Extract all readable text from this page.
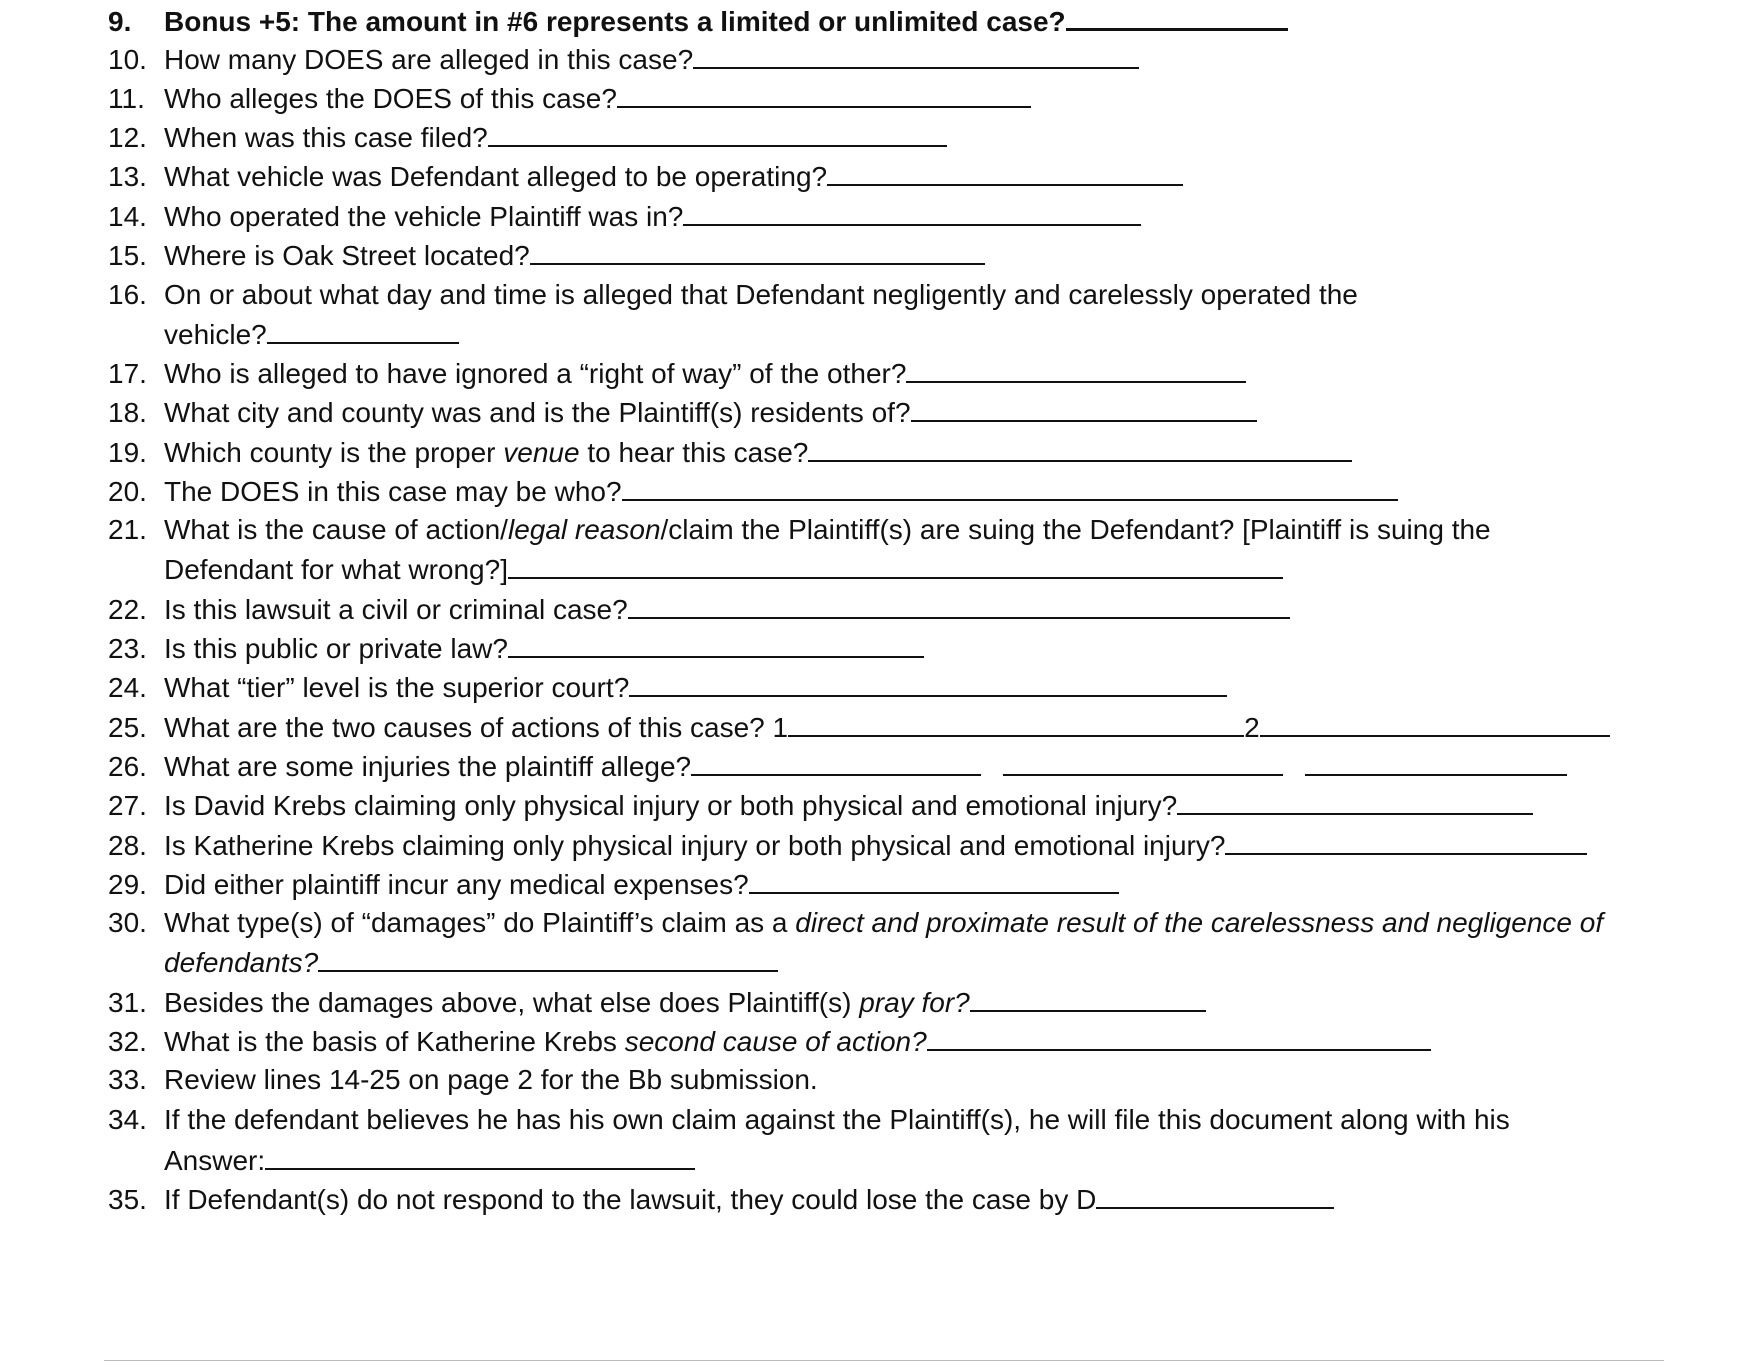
9. Bonus +5: The amount in #6 represents a limited or unlimited case?
10. How many DOES are alleged in this case?
11. Who alleges the DOES of this case?
12. When was this case filed?
13. What vehicle was Defendant alleged to be operating?
14. Who operated the vehicle Plaintiff was in?
15. Where is Oak Street located?
16. On or about what day and time is alleged that Defendant negligently and carelessly operated the
vehicle?
17. Who is alleged to have ignored a “right of way” of the other?
18. What city and county was and is the Plaintiff(s) residents of?
19. Which county is the proper venue to hear this case?
20. The DOES in this case may be who?
21. What is the cause of action/legal reason/claim the Plaintiff(s) are suing the Defendant? [Plaintiff is suing the
Defendant for what wrong?]
22. Is this lawsuit a civil or criminal case?
23. Is this public or private law?
24. What “tier” level is the superior court?
25. What are the two causes of actions of this case? 1	2
26. What are some injuries the plaintiff allege?
27. Is David Krebs claiming only physical injury or both physical and emotional injury?
28. Is Katherine Krebs claiming only physical injury or both physical and emotional injury?
29. Did either plaintiff incur any medical expenses?
30. What type(s) of “damages” do Plaintiff’s claim as a direct and proximate result of the carelessness and negligence of
defendants?
31. Besides the damages above, what else does Plaintiff(s) pray for?
32. What is the basis of Katherine Krebs second cause of action?
33. Review lines 14-25 on page 2 for the Bb submission.
34. If the defendant believes he has his own claim against the Plaintiff(s), he will file this document along with his
Answer:
35. If Defendant(s) do not respond to the lawsuit, they could lose the case by D
